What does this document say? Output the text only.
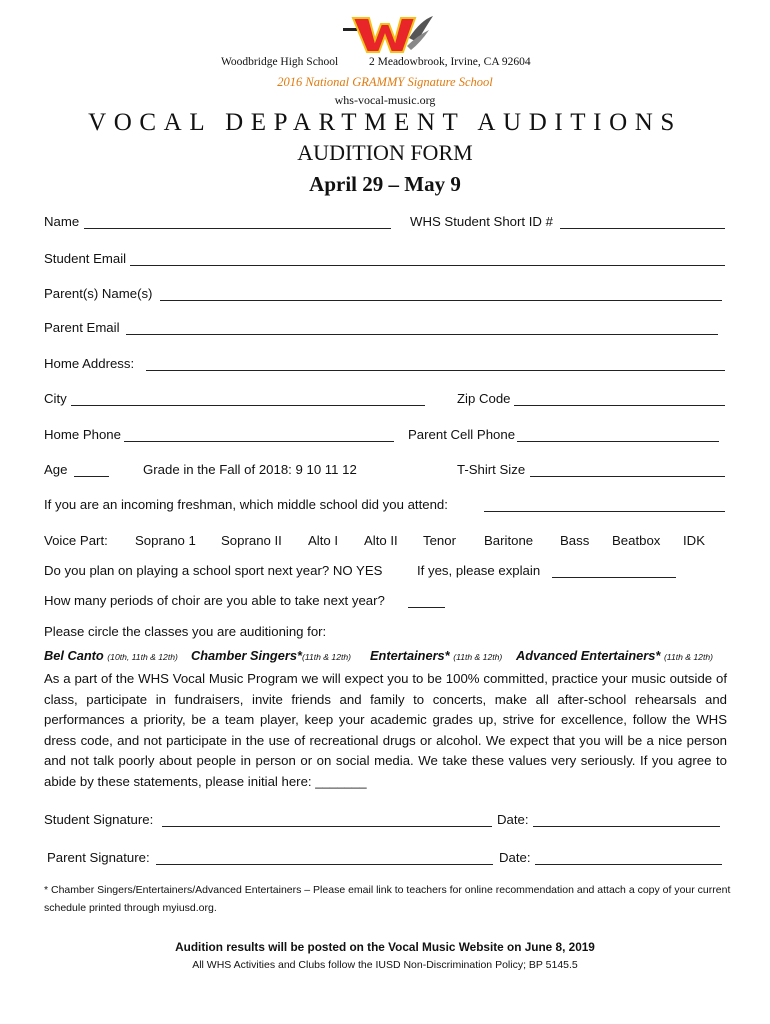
Woodbridge High School	2 Meadowbrook, Irvine, CA 92604
2016 National GRAMMY Signature School
whs-vocal-music.org
VOCAL DEPARTMENT AUDITIONS
AUDITION FORM
April 29 – May 9
Name	WHS Student Short ID #
Student Email
Parent(s) Name(s)
Parent Email
Home Address:
City	Zip Code
Home Phone	Parent Cell Phone
Age	Grade in the Fall of 2018: 9 10 11 12	T-Shirt Size
If you are an incoming freshman, which middle school did you attend:
Voice Part: Soprano 1 Soprano II Alto I Alto II Tenor Baritone Bass Beatbox IDK
Do you plan on playing a school sport next year? NO YES	If yes, please explain
How many periods of choir are you able to take next year?
Please circle the classes you are auditioning for:
Bel Canto (10th, 11th & 12th) Chamber Singers*(11th & 12th) Entertainers* (11th & 12th) Advanced Entertainers* (11th & 12th)
As a part of the WHS Vocal Music Program we will expect you to be 100% committed, practice your music outside of class, participate in fundraisers, invite friends and family to concerts, make all after-school rehearsals and performances a priority, be a team player, keep your academic grades up, strive for excellence, follow the WHS dress code, and not participate in the use of recreational drugs or alcohol. We expect that you will be a nice person and not talk poorly about people in person or on social media. We take these values very seriously. If you agree to abide by these statements, please initial here: _______
Student Signature:	Date:
Parent Signature:	Date:
* Chamber Singers/Entertainers/Advanced Entertainers – Please email link to teachers for online recommendation and attach a copy of your current schedule printed through myiusd.org.
Audition results will be posted on the Vocal Music Website on June 8, 2019
All WHS Activities and Clubs follow the IUSD Non-Discrimination Policy; BP 5145.5
